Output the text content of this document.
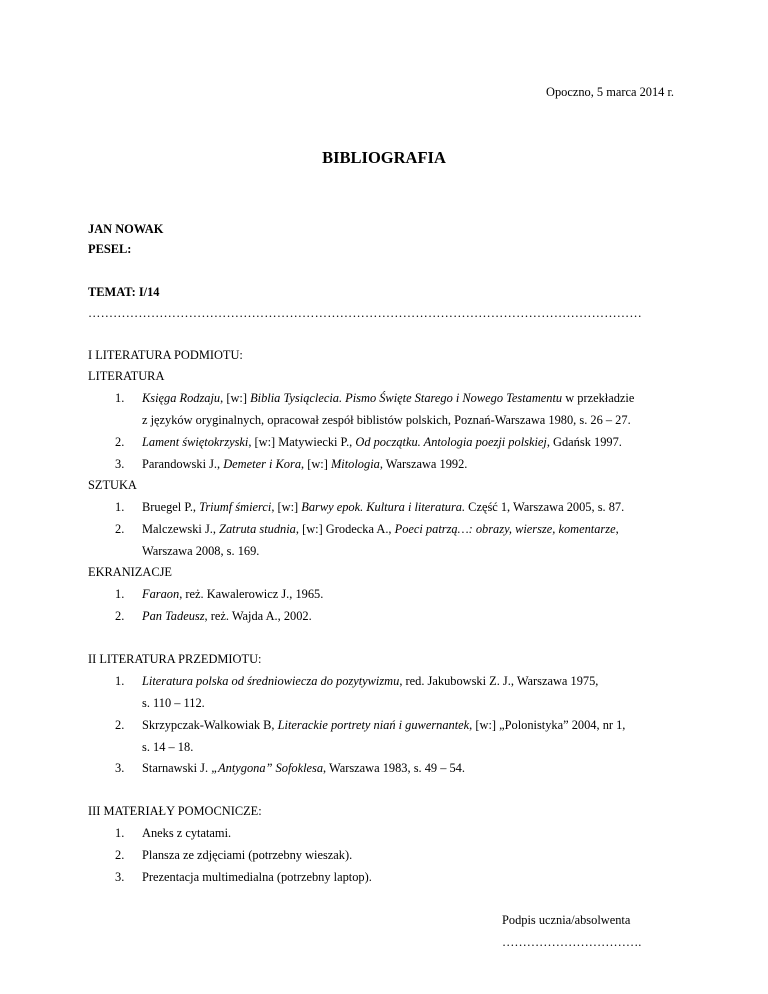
Opoczno, 5 marca 2014 r.
BIBLIOGRAFIA
JAN NOWAK
PESEL:
TEMAT: I/14
……………………………………………………………………………………………………………………
I LITERATURA PODMIOTU:
LITERATURA
1. Księga Rodzaju, [w:] Biblia Tysiąclecia. Pismo Święte Starego i Nowego Testamentu w przekładzie
z języków oryginalnych, opracował zespół biblistów polskich, Poznań-Warszawa 1980, s. 26 – 27.
2. Lament świętokrzyski, [w:] Matywiecki P., Od początku. Antologia poezji polskiej, Gdańsk 1997.
3. Parandowski J., Demeter i Kora, [w:] Mitologia, Warszawa 1992.
SZTUKA
1. Bruegel P., Triumf śmierci, [w:] Barwy epok. Kultura i literatura. Część 1, Warszawa 2005, s. 87.
2. Malczewski J., Zatruta studnia, [w:] Grodecka A., Poeci patrzą…: obrazy, wiersze, komentarze,
Warszawa 2008, s. 169.
EKRANIZACJE
1. Faraon, reż. Kawalerowicz J., 1965.
2. Pan Tadeusz, reż. Wajda A., 2002.
II LITERATURA PRZEDMIOTU:
1. Literatura polska od średniowiecza do pozytywizmu, red. Jakubowski Z. J., Warszawa 1975,
s. 110 – 112.
2. Skrzypczak-Walkowiak B, Literackie portrety niań i guwernantek, [w:] „Polonistyka” 2004, nr 1,
s. 14 – 18.
3. Starnawski J. „Antygona” Sofoklesa, Warszawa 1983, s. 49 – 54.
III MATERIAŁY POMOCNICZE:
1. Aneks z cytatami.
2. Plansza ze zdjęciami (potrzebny wieszak).
3. Prezentacja multimedialna (potrzebny laptop).
Podpis ucznia/absolwenta
…………………………….
